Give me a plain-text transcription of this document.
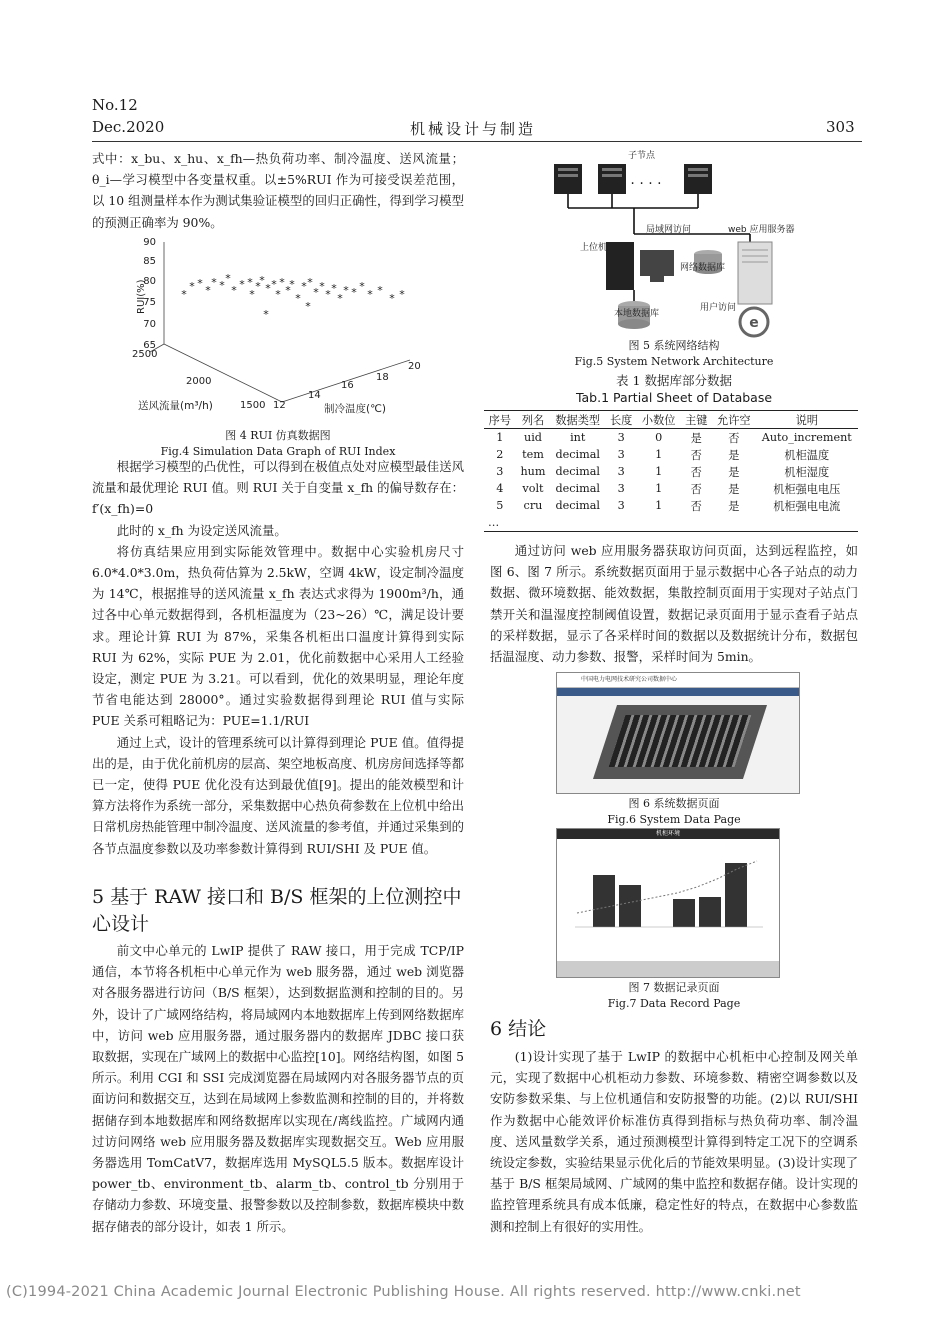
No.12
Dec.2020	机械设计与制造	303

式中：x_bu、x_hu、x_fh—热负荷功率、制冷温度、送风流量；θ_i—学习模型中各变量权重。以±5%RUI 作为可接受误差范围，以 10 组测量样本作为测试集验证模型的回归正确性，得到学习模型的预测正确率为 90%。

90
85
80
75
70
65
RUI(%)
2500
2000
1500 12
14
16
18
20
送风流量(m³/h)	制冷温度(℃)
*
* *
*
* *
*
* * *
*
*
*
* *
*
*
*
*
*
* *
* *
* *
*
* * *
* *
* *
*
*
图 4 RUI 仿真数据图
Fig.4 Simulation Data Graph of RUI Index

根据学习模型的凸优性，可以得到在极值点处对应模型最佳送风流量和最优理论 RUI 值。则 RUI 关于自变量 x_fh 的偏导数存在：f′(x_fh)=0

此时的 x_fh 为设定送风流量。

将仿真结果应用到实际能效管理中。数据中心实验机房尺寸 6.0*4.0*3.0m，热负荷估算为 2.5kW，空调 4kW，设定制冷温度为 14℃，根据推导的送风流量 x_fh 表达式求得为 1900m³/h，通过各中心单元数据得到，各机柜温度为（23~26）℃，满足设计要求。理论计算 RUI 为 87%，采集各机柜出口温度计算得到实际 RUI 为 62%，实际 PUE 为 2.01，优化前数据中心采用人工经验设定，测定 PUE 为 3.21。可以看到，优化的效果明显，理论年度节省电能达到 28000°。通过实验数据得到理论 RUI 值与实际 PUE 关系可粗略记为：PUE=1.1/RUI

通过上式，设计的管理系统可以计算得到理论 PUE 值。值得提出的是，由于优化前机房的层高、架空地板高度、机房房间选择等都已一定，使得 PUE 优化没有达到最优值[9]。提出的能效模型和计算方法将作为系统一部分，采集数据中心热负荷参数在上位机中给出日常机房热能管理中制冷温度、送风流量的参考值，并通过采集到的各节点温度参数以及功率参数计算得到 RUI/SHI 及 PUE 值。

5 基于 RAW 接口和 B/S 框架的上位测控中心设计

前文中心单元的 LwIP 提供了 RAW 接口，用于完成 TCP/IP 通信，本节将各机柜中心单元作为 web 服务器，通过 web 浏览器对各服务器进行访问（B/S 框架），达到数据监测和控制的目的。另外，设计了广域网络结构，将局域网内本地数据库上传到网络数据库中，访问 web 应用服务器，通过服务器内的数据库 JDBC 接口获取数据，实现在广域网上的数据中心监控[10]。网络结构图，如图 5 所示。利用 CGI 和 SSI 完成浏览器在局域网内对各服务器节点的页面访问和数据交互，达到在局域网上参数监测和控制的目的，并将数据储存到本地数据库和网络数据库以实现在/离线监控。广域网内通过访问网络 web 应用服务器及数据库实现数据交互。Web 应用服务器选用 TomCatV7，数据库选用 MySQL5.5 版本。数据库设计 power_tb、environment_tb、alarm_tb、control_tb 分别用于存储动力参数、环境变量、报警参数以及控制参数，数据库模块中数据存储表的部分设计，如表 1 所示。

. . . .
子节点
局域网访问	web 应用服务器
上位机
网络数据库
本地数据库
用户访问
e
图 5 系统网络结构
Fig.5 System Network Architecture
表 1 数据库部分数据
Tab.1 Partial Sheet of Database
序号	列名	数据类型	长度	小数位	主键	允许空	说明
1	uid	int	3	0	是	否	Auto_increment
2	tem	decimal	3	1	否	是	机柜温度
3	hum	decimal	3	1	否	是	机柜湿度
4	volt	decimal	3	1	否	是	机柜强电电压
5	cru	decimal	3	1	否	是	机柜强电电流
…							

通过访问 web 应用服务器获取访问页面，达到远程监控，如图 6、图 7 所示。系统数据页面用于显示数据中心各子站点的动力数据、微环境数据、能效数据，集散控制页面用于实现对子站点门禁开关和温湿度控制阈值设置，数据记录页面用于显示查看子站点的采样数据，显示了各采样时间的数据以及数据统计分布，数据包括温湿度、动力参数、报警，采样时间为 5min。

中国电力电网技术研究公司数据中心
图 6 系统数据页面
Fig.6 System Data Page
机柜环境
图 7 数据记录页面
Fig.7 Data Record Page
6 结论

(1)设计实现了基于 LwIP 的数据中心机柜中心控制及网关单元，实现了数据中心机柜动力参数、环境参数、精密空调参数以及安防参数采集、与上位机通信和安防报警的功能。(2)以 RUI/SHI 作为数据中心能效评价标准仿真得到指标与热负荷功率、制冷温度、送风量数学关系，通过预测模型计算得到特定工况下的空调系统设定参数，实验结果显示优化后的节能效果明显。(3)设计实现了基于 B/S 框架局域网、广域网的集中监控和数据存储。设计实现的监控管理系统具有成本低廉，稳定性好的特点，在数据中心参数监测和控制上有很好的实用性。

(C)1994-2021 China Academic Journal Electronic Publishing House. All rights reserved. http://www.cnki.net
